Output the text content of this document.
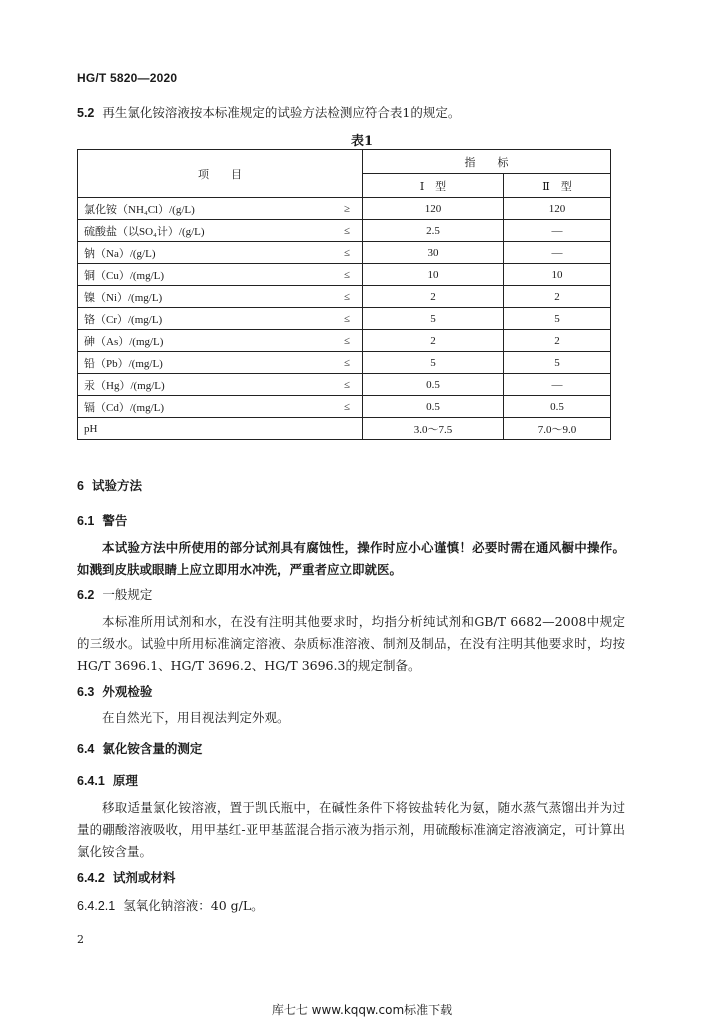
HG/T 5820—2020
5.2 再生氯化铵溶液按本标准规定的试验方法检测应符合表1的规定。
表1
项　　目		指　　标	
		Ⅰ　型	Ⅱ　型
氯化铵（NH₄Cl）/(g/L)	≥	120	120
硫酸盐（以SO₄计）/(g/L)	≤	2.5	—
钠（Na）/(g/L)	≤	30	—
铜（Cu）/(mg/L)	≤	10	10
镍（Ni）/(mg/L)	≤	2	2
铬（Cr）/(mg/L)	≤	5	5
砷（As）/(mg/L)	≤	2	2
铅（Pb）/(mg/L)	≤	5	5
汞（Hg）/(mg/L)	≤	0.5	—
镉（Cd）/(mg/L)	≤	0.5	0.5
pH		3.0～7.5	7.0～9.0
6 试验方法
6.1 警告

本试验方法中所使用的部分试剂具有腐蚀性，操作时应小心谨慎！必要时需在通风橱中操作。如溅到皮肤或眼睛上应立即用水冲洗，严重者应立即就医。

6.2 一般规定

本标准所用试剂和水，在没有注明其他要求时，均指分析纯试剂和GB/T 6682—2008中规定的三级水。试验中所用标准滴定溶液、杂质标准溶液、制剂及制品，在没有注明其他要求时，均按HG/T 3696.1、HG/T 3696.2、HG/T 3696.3的规定制备。

6.3 外观检验

在自然光下，用目视法判定外观。

6.4 氯化铵含量的测定
6.4.1 原理

移取适量氯化铵溶液，置于凯氏瓶中，在碱性条件下将铵盐转化为氨，随水蒸气蒸馏出并为过量的硼酸溶液吸收，用甲基红-亚甲基蓝混合指示液为指示剂，用硫酸标准滴定溶液滴定，可计算出氯化铵含量。

6.4.2 试剂或材料
6.4.2.1 氢氧化钠溶液：40 g/L。
2
库七七 www.kqqw.com标准下载
